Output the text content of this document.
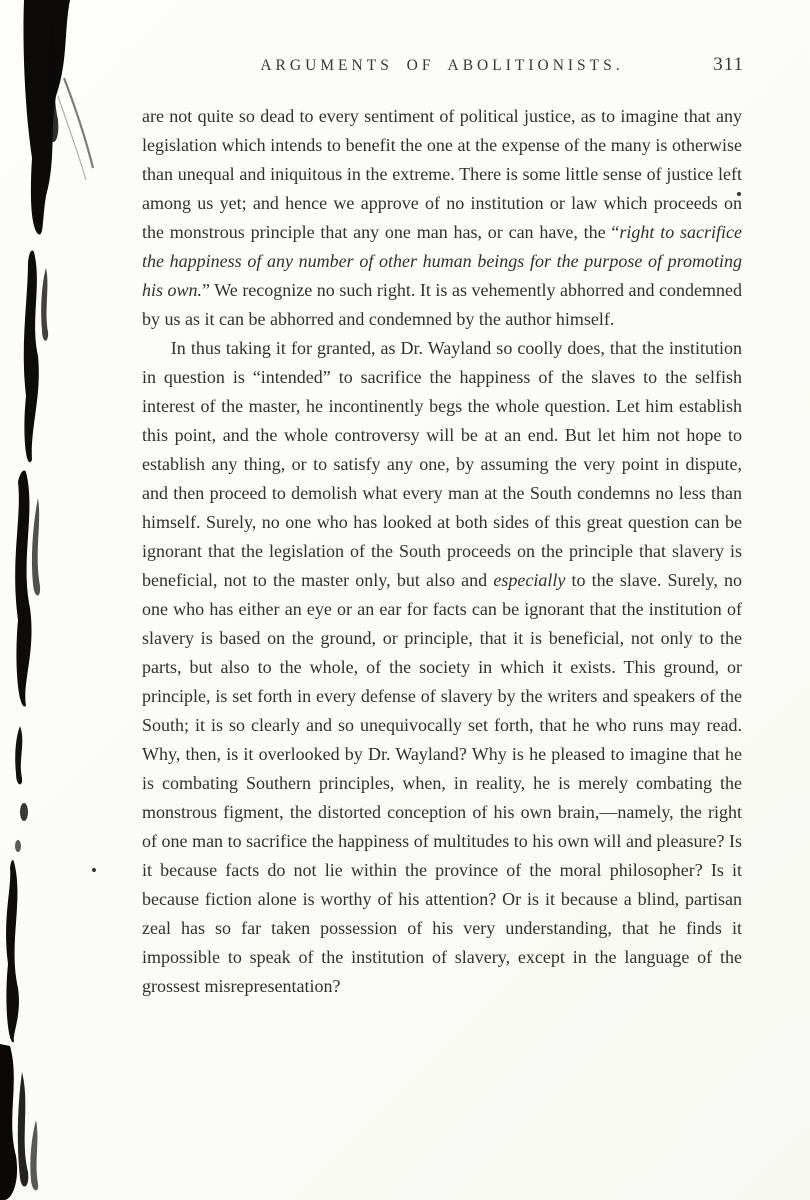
ARGUMENTS OF ABOLITIONISTS.	311

are not quite so dead to every sentiment of political justice, as to imagine that any legislation which intends to benefit the one at the expense of the many is otherwise than unequal and iniquitous in the extreme. There is some little sense of justice left among us yet; and hence we approve of no institution or law which proceeds on the monstrous principle that any one man has, or can have, the “right to sacrifice the happiness of any number of other human beings for the purpose of promoting his own.” We recognize no such right. It is as vehemently abhorred and condemned by us as it can be abhorred and condemned by the author himself.

In thus taking it for granted, as Dr. Wayland so coolly does, that the institution in question is “intended” to sacrifice the happiness of the slaves to the selfish interest of the master, he incontinently begs the whole question. Let him establish this point, and the whole controversy will be at an end. But let him not hope to establish any thing, or to satisfy any one, by assuming the very point in dispute, and then proceed to demolish what every man at the South condemns no less than himself. Surely, no one who has looked at both sides of this great question can be ignorant that the legislation of the South proceeds on the principle that slavery is beneficial, not to the master only, but also and especially to the slave. Surely, no one who has either an eye or an ear for facts can be ignorant that the institution of slavery is based on the ground, or principle, that it is beneficial, not only to the parts, but also to the whole, of the society in which it exists. This ground, or principle, is set forth in every defense of slavery by the writers and speakers of the South; it is so clearly and so unequivocally set forth, that he who runs may read. Why, then, is it overlooked by Dr. Wayland? Why is he pleased to imagine that he is combating Southern principles, when, in reality, he is merely combating the monstrous figment, the distorted conception of his own brain,—namely, the right of one man to sacrifice the happiness of multitudes to his own will and pleasure? Is it because facts do not lie within the province of the moral philosopher? Is it because fiction alone is worthy of his attention? Or is it because a blind, partisan zeal has so far taken possession of his very understanding, that he finds it impossible to speak of the institution of slavery, except in the language of the grossest misrepresentation?
